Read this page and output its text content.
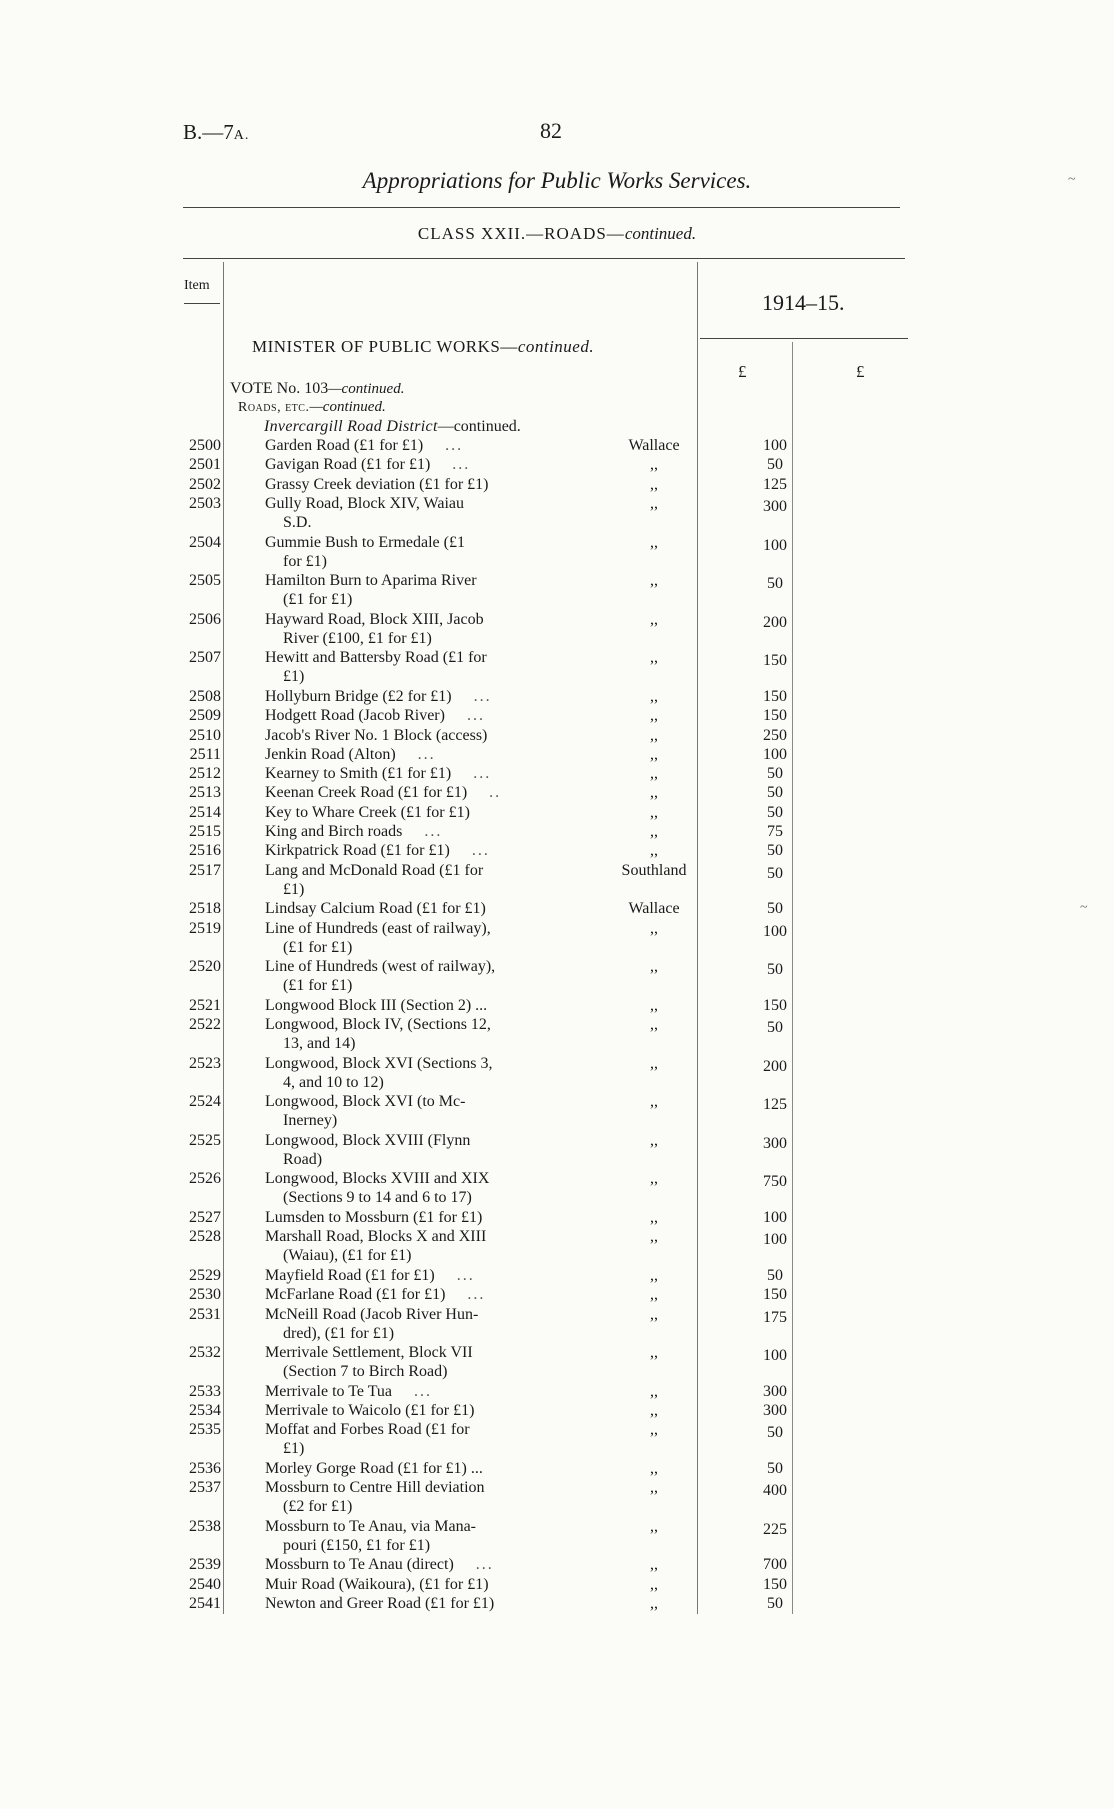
B.—7A.	82
Appropriations for Public Works Services.
CLASS XXII.—ROADS—continued.
Item
1914–15.
£	£
MINISTER OF PUBLIC WORKS—continued.
VOTE No. 103—continued.
Roads, etc.—continued.
Invercargill Road District—continued.
2500	Garden Road (£1 for £1) ...	Wallace	100
2501	Gavigan Road (£1 for £1) ...	,,	50
2502	Grassy Creek deviation (£1 for £1)	,,	125
2503	Gully Road, Block XIV, Waiau
S.D.
,,	300
2504	Gummie Bush to Ermedale (£1
for £1)
,,	100
2505	Hamilton Burn to Aparima River
(£1 for £1)
,,	50
2506	Hayward Road, Block XIII, Jacob
River (£100, £1 for £1)
,,	200
2507	Hewitt and Battersby Road (£1 for
£1)
,,	150
2508	Hollyburn Bridge (£2 for £1) ...	,,	150
2509	Hodgett Road (Jacob River) ...	,,	150
2510	Jacob's River No. 1 Block (access)	,,	250
2511	Jenkin Road (Alton) ...	,,	100
2512	Kearney to Smith (£1 for £1) ...	,,	50
2513	Keenan Creek Road (£1 for £1) ..	,,	50
2514	Key to Whare Creek (£1 for £1)	,,	50
2515	King and Birch roads ...	,,	75
2516	Kirkpatrick Road (£1 for £1) ...	,,	50
2517	Lang and McDonald Road (£1 for
£1)
Southland	50
2518	Lindsay Calcium Road (£1 for £1)	Wallace	50
2519	Line of Hundreds (east of railway),
(£1 for £1)
,,	100
2520	Line of Hundreds (west of railway),
(£1 for £1)
,,	50
2521	Longwood Block III (Section 2) ...	,,	150
2522	Longwood, Block IV, (Sections 12,
13, and 14)
,,	50
2523	Longwood, Block XVI (Sections 3,
4, and 10 to 12)
,,	200
2524	Longwood, Block XVI (to Mc-
Inerney)
,,	125
2525	Longwood, Block XVIII (Flynn
Road)
,,	300
2526	Longwood, Blocks XVIII and XIX
(Sections 9 to 14 and 6 to 17)
,,	750
2527	Lumsden to Mossburn (£1 for £1)	,,	100
2528	Marshall Road, Blocks X and XIII
(Waiau), (£1 for £1)
,,	100
2529	Mayfield Road (£1 for £1) ...	,,	50
2530	McFarlane Road (£1 for £1) ...	,,	150
2531	McNeill Road (Jacob River Hun-
dred), (£1 for £1)
,,	175
2532	Merrivale Settlement, Block VII
(Section 7 to Birch Road)
,,	100
2533	Merrivale to Te Tua ...	,,	300
2534	Merrivale to Waicolo (£1 for £1)	,,	300
2535	Moffat and Forbes Road (£1 for
£1)
,,	50
2536	Morley Gorge Road (£1 for £1) ...	,,	50
2537	Mossburn to Centre Hill deviation
(£2 for £1)
,,	400
2538	Mossburn to Te Anau, via Mana-
pouri (£150, £1 for £1)
,,	225
2539	Mossburn to Te Anau (direct) ...	,,	700
2540	Muir Road (Waikoura), (£1 for £1)	,,	150
2541	Newton and Greer Road (£1 for £1)	,,	50
~
~
